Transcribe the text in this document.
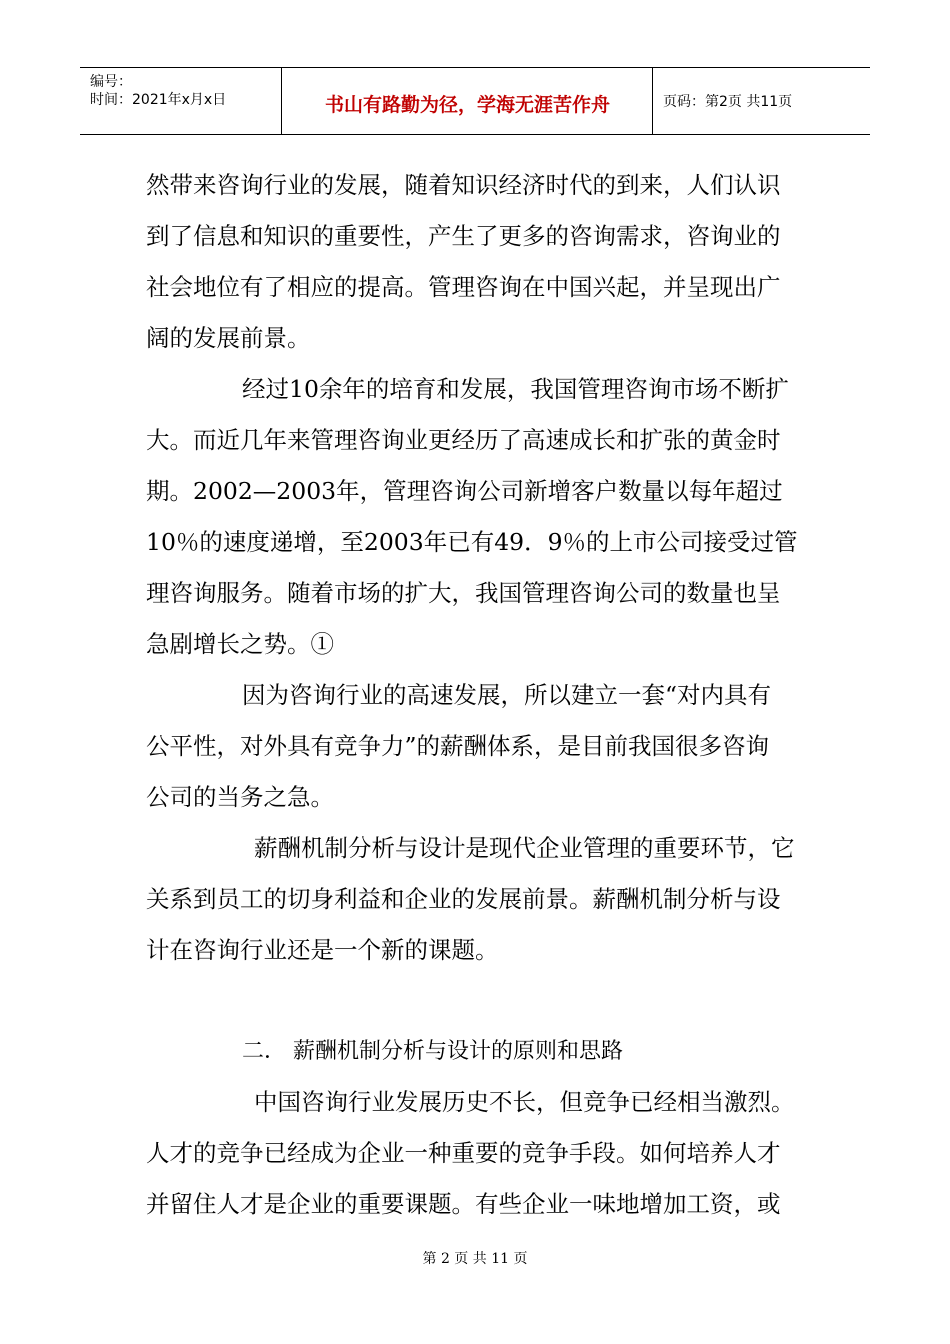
编号：
时间：2021年x月x日	书山有路勤为径，学海无涯苦作舟	页码：第2页 共11页
然带来咨询行业的发展，随着知识经济时代的到来，人们认识
到了信息和知识的重要性，产生了更多的咨询需求，咨询业的
社会地位有了相应的提高。管理咨询在中国兴起，并呈现出广
阔的发展前景。
经过10余年的培育和发展，我国管理咨询市场不断扩
大。而近几年来管理咨询业更经历了高速成长和扩张的黄金时
期。2002—2003年，管理咨询公司新增客户数量以每年超过
10％的速度递增，至2003年已有49．9％的上市公司接受过管
理咨询服务。随着市场的扩大，我国管理咨询公司的数量也呈
急剧增长之势。①
因为咨询行业的高速发展，所以建立一套“对内具有
公平性，对外具有竞争力”的薪酬体系，是目前我国很多咨询
公司的当务之急。
薪酬机制分析与设计是现代企业管理的重要环节，它
关系到员工的切身利益和企业的发展前景。薪酬机制分析与设
计在咨询行业还是一个新的课题。
二． 薪酬机制分析与设计的原则和思路
中国咨询行业发展历史不长，但竞争已经相当激烈。
人才的竞争已经成为企业一种重要的竞争手段。如何培养人才
并留住人才是企业的重要课题。有些企业一味地增加工资，或
第 2 页 共 11 页
